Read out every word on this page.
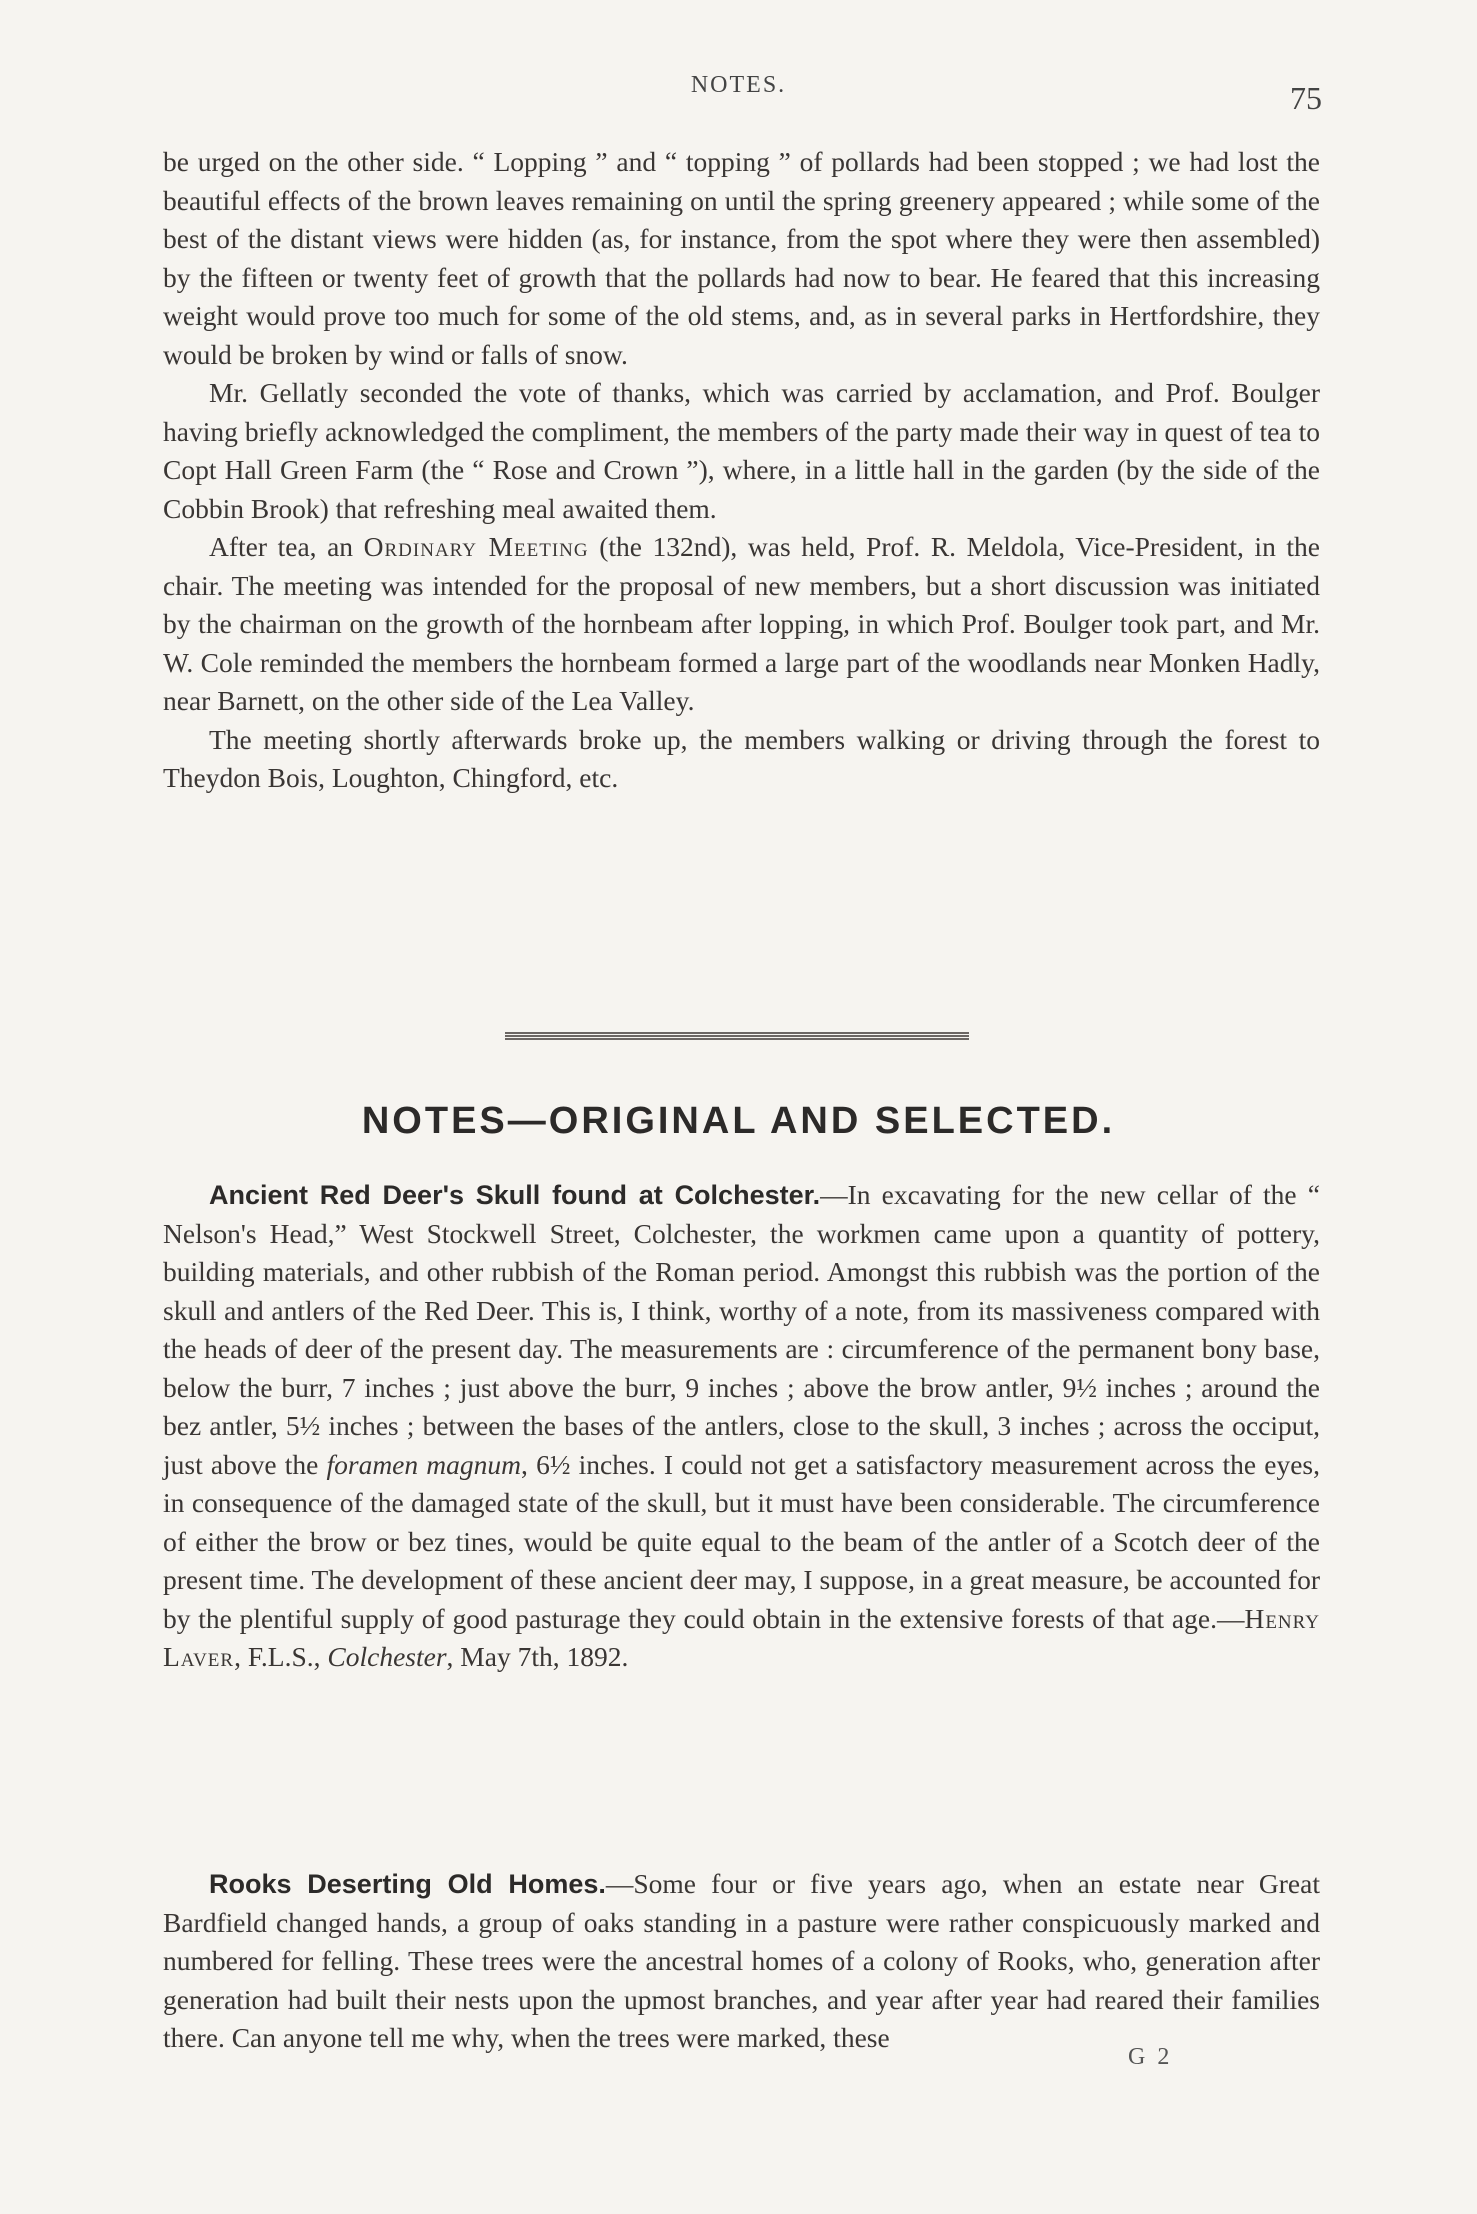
NOTES.	75

be urged on the other side. “ Lopping ” and “ topping ” of pollards had been stopped ; we had lost the beautiful effects of the brown leaves remaining on until the spring greenery appeared ; while some of the best of the distant views were hidden (as, for instance, from the spot where they were then assembled) by the fifteen or twenty feet of growth that the pollards had now to bear. He feared that this increasing weight would prove too much for some of the old stems, and, as in several parks in Hertfordshire, they would be broken by wind or falls of snow.

Mr. Gellatly seconded the vote of thanks, which was carried by acclamation, and Prof. Boulger having briefly acknowledged the compliment, the members of the party made their way in quest of tea to Copt Hall Green Farm (the “ Rose and Crown ”), where, in a little hall in the garden (by the side of the Cobbin Brook) that refreshing meal awaited them.

After tea, an Ordinary Meeting (the 132nd), was held, Prof. R. Meldola, Vice-President, in the chair. The meeting was intended for the proposal of new members, but a short discussion was initiated by the chairman on the growth of the hornbeam after lopping, in which Prof. Boulger took part, and Mr. W. Cole reminded the members the hornbeam formed a large part of the woodlands near Monken Hadly, near Barnett, on the other side of the Lea Valley.

The meeting shortly afterwards broke up, the members walking or driving through the forest to Theydon Bois, Loughton, Chingford, etc.

NOTES—ORIGINAL AND SELECTED.

Ancient Red Deer's Skull found at Colchester.—In excavating for the new cellar of the “ Nelson's Head,” West Stockwell Street, Colchester, the workmen came upon a quantity of pottery, building materials, and other rubbish of the Roman period. Amongst this rubbish was the portion of the skull and antlers of the Red Deer. This is, I think, worthy of a note, from its massiveness compared with the heads of deer of the present day. The measurements are : circumference of the permanent bony base, below the burr, 7 inches ; just above the burr, 9 inches ; above the brow antler, 9½ inches ; around the bez antler, 5½ inches ; between the bases of the antlers, close to the skull, 3 inches ; across the occiput, just above the foramen magnum, 6½ inches. I could not get a satisfactory measurement across the eyes, in consequence of the damaged state of the skull, but it must have been considerable. The circumference of either the brow or bez tines, would be quite equal to the beam of the antler of a Scotch deer of the present time. The development of these ancient deer may, I suppose, in a great measure, be accounted for by the plentiful supply of good pasturage they could obtain in the extensive forests of that age.—Henry Laver, F.L.S., Colchester, May 7th, 1892.

Rooks Deserting Old Homes.—Some four or five years ago, when an estate near Great Bardfield changed hands, a group of oaks standing in a pasture were rather conspicuously marked and numbered for felling. These trees were the ancestral homes of a colony of Rooks, who, generation after generation had built their nests upon the upmost branches, and year after year had reared their families there. Can anyone tell me why, when the trees were marked, these

G 2
